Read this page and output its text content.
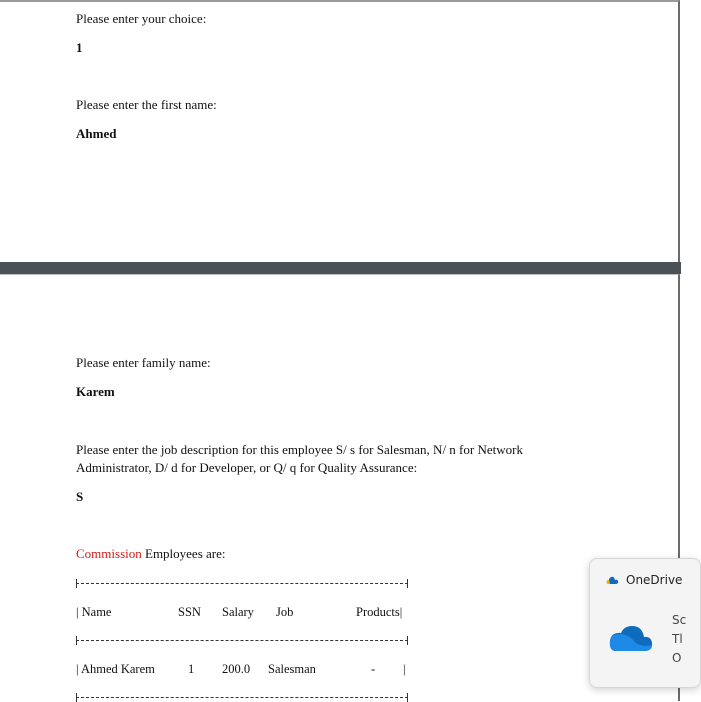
Please enter your choice:
1
Please enter the first name:
Ahmed
Please enter family name:
Karem
Please enter the job description for this employee S/ s for Salesman, N/ n for Network
Administrator, D/ d for Developer, or Q/ q for Quality Assurance:
S
Commission Employees are:
| Name	SSN Salary Job	Products|
| Ahmed Karem	1 200.0 Salesman	- |
OneDrive
Sc
Tl
O
